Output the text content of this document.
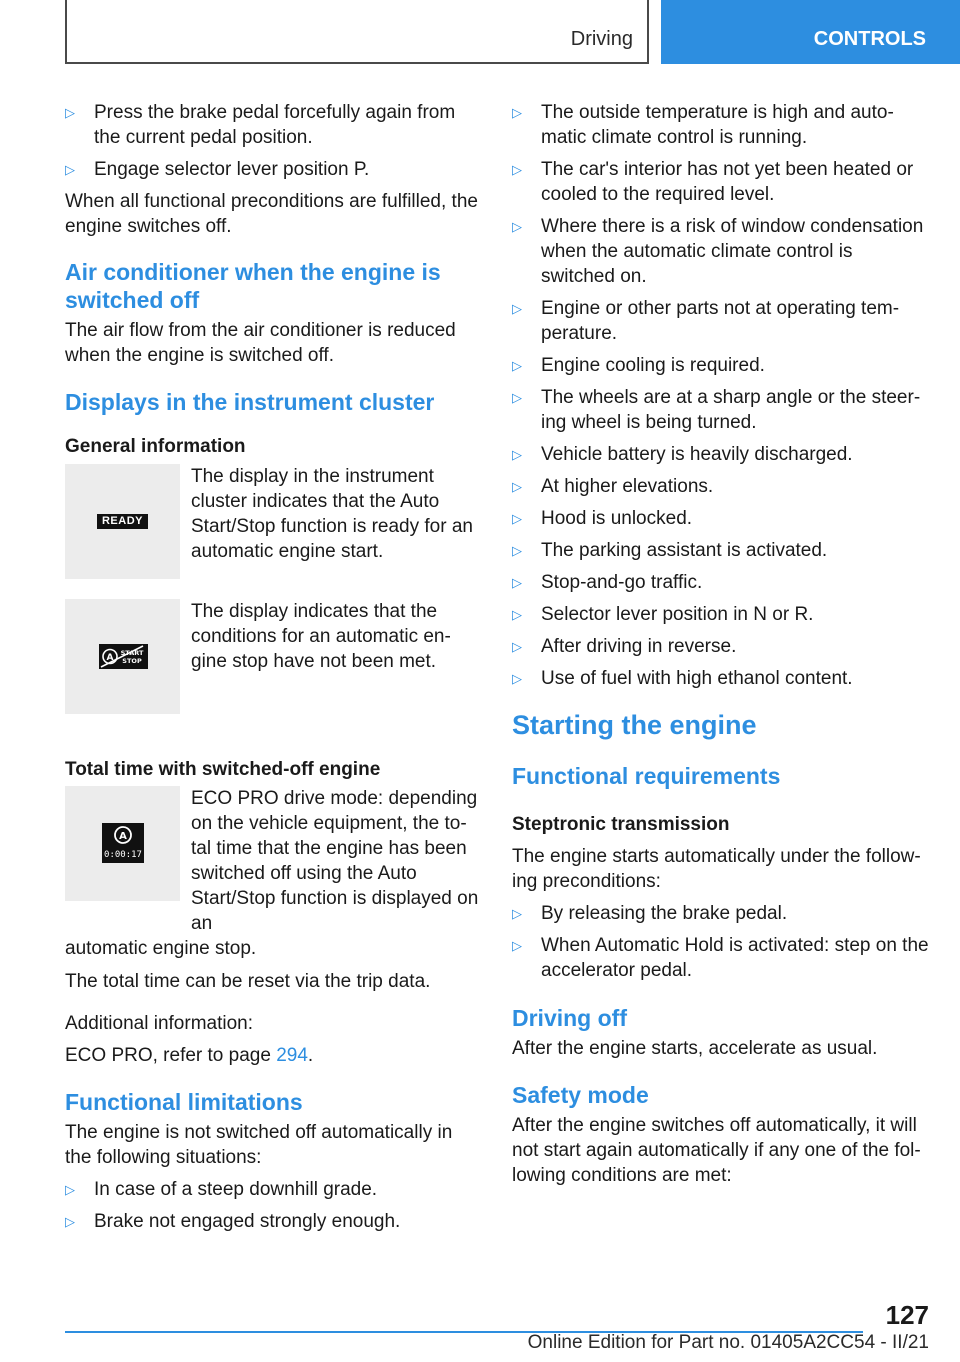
Driving	CONTROLS
▷ Press the brake pedal forcefully again from the current pedal position.
▷ Engage selector lever position P.

When all functional preconditions are fulfilled, the engine switches off.

Air conditioner when the engine is switched off

The air flow from the air conditioner is reduced when the engine is switched off.

Displays in the instrument cluster
General information
READY

The display in the instrument cluster indicates that the Auto Start/Stop function is ready for an automatic engine start.

A START
STOP

The display indicates that the conditions for an automatic en‐gine stop have not been met.

Total time with switched-off engine
A
0:00:17

ECO PRO drive mode: depending on the vehicle equipment, the to‐tal time that the engine has been switched off using the Auto Start/Stop function is displayed on an

automatic engine stop.

The total time can be reset via the trip data.

Additional information:

ECO PRO, refer to page 294.

Functional limitations

The engine is not switched off automatically in the following situations:

▷ In case of a steep downhill grade.
▷ Brake not engaged strongly enough.
▷ The outside temperature is high and auto‐matic climate control is running.
▷ The car's interior has not yet been heated or cooled to the required level.
▷ Where there is a risk of window condensation when the automatic climate control is switched on.
▷ Engine or other parts not at operating tem‐perature.
▷ Engine cooling is required.
▷ The wheels are at a sharp angle or the steer‐ing wheel is being turned.
▷ Vehicle battery is heavily discharged.
▷ At higher elevations.
▷ Hood is unlocked.
▷ The parking assistant is activated.
▷ Stop-and-go traffic.
▷ Selector lever position in N or R.
▷ After driving in reverse.
▷ Use of fuel with high ethanol content.
Starting the engine
Functional requirements
Steptronic transmission

The engine starts automatically under the follow‐ing preconditions:

▷ By releasing the brake pedal.
▷ When Automatic Hold is activated: step on the accelerator pedal.
Driving off

After the engine starts, accelerate as usual.

Safety mode

After the engine switches off automatically, it will not start again automatically if any one of the fol‐lowing conditions are met:

127
Online Edition for Part no. 01405A2CC54 - II/21
